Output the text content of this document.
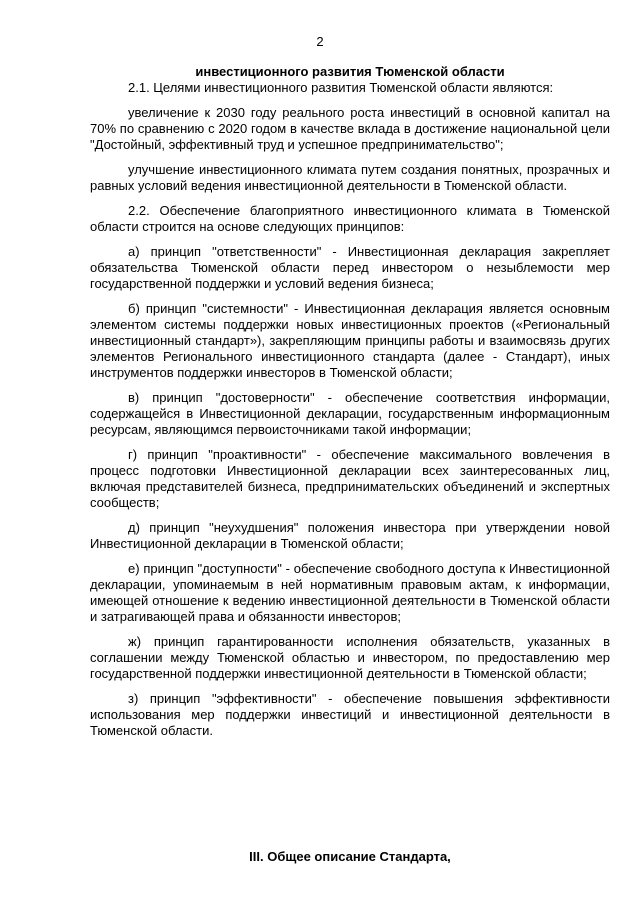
2

инвестиционного развития Тюменской области

2.1. Целями инвестиционного развития Тюменской области являются:

увеличение к 2030 году реального роста инвестиций в основной капитал на 70% по сравнению с 2020 годом в качестве вклада в достижение национальной цели "Достойный, эффективный труд и успешное предпринимательство";

улучшение инвестиционного климата путем создания понятных, прозрачных и равных условий ведения инвестиционной деятельности в Тюменской области.

2.2. Обеспечение благоприятного инвестиционного климата в Тюменской области строится на основе следующих принципов:

а) принцип "ответственности" - Инвестиционная декларация закрепляет обязательства Тюменской области перед инвестором о незыблемости мер государственной поддержки и условий ведения бизнеса;

б) принцип "системности" - Инвестиционная декларация является основным элементом системы поддержки новых инвестиционных проектов («Региональный инвестиционный стандарт»), закрепляющим принципы работы и взаимосвязь других элементов Регионального инвестиционного стандарта (далее - Стандарт), иных инструментов поддержки инвесторов в Тюменской области;

в) принцип "достоверности" - обеспечение соответствия информации, содержащейся в Инвестиционной декларации, государственным информационным ресурсам, являющимся первоисточниками такой информации;

г) принцип "проактивности" - обеспечение максимального вовлечения в процесс подготовки Инвестиционной декларации всех заинтересованных лиц, включая представителей бизнеса, предпринимательских объединений и экспертных сообществ;

д) принцип "неухудшения" положения инвестора при утверждении новой Инвестиционной декларации в Тюменской области;

е) принцип "доступности" - обеспечение свободного доступа к Инвестиционной декларации, упоминаемым в ней нормативным правовым актам, к информации, имеющей отношение к ведению инвестиционной деятельности в Тюменской области и затрагивающей права и обязанности инвесторов;

ж) принцип гарантированности исполнения обязательств, указанных в соглашении между Тюменской областью и инвестором, по предоставлению мер государственной поддержки инвестиционной деятельности в Тюменской области;

з) принцип "эффективности" - обеспечение повышения эффективности использования мер поддержки инвестиций и инвестиционной деятельности в Тюменской области.

III. Общее описание Стандарта,
